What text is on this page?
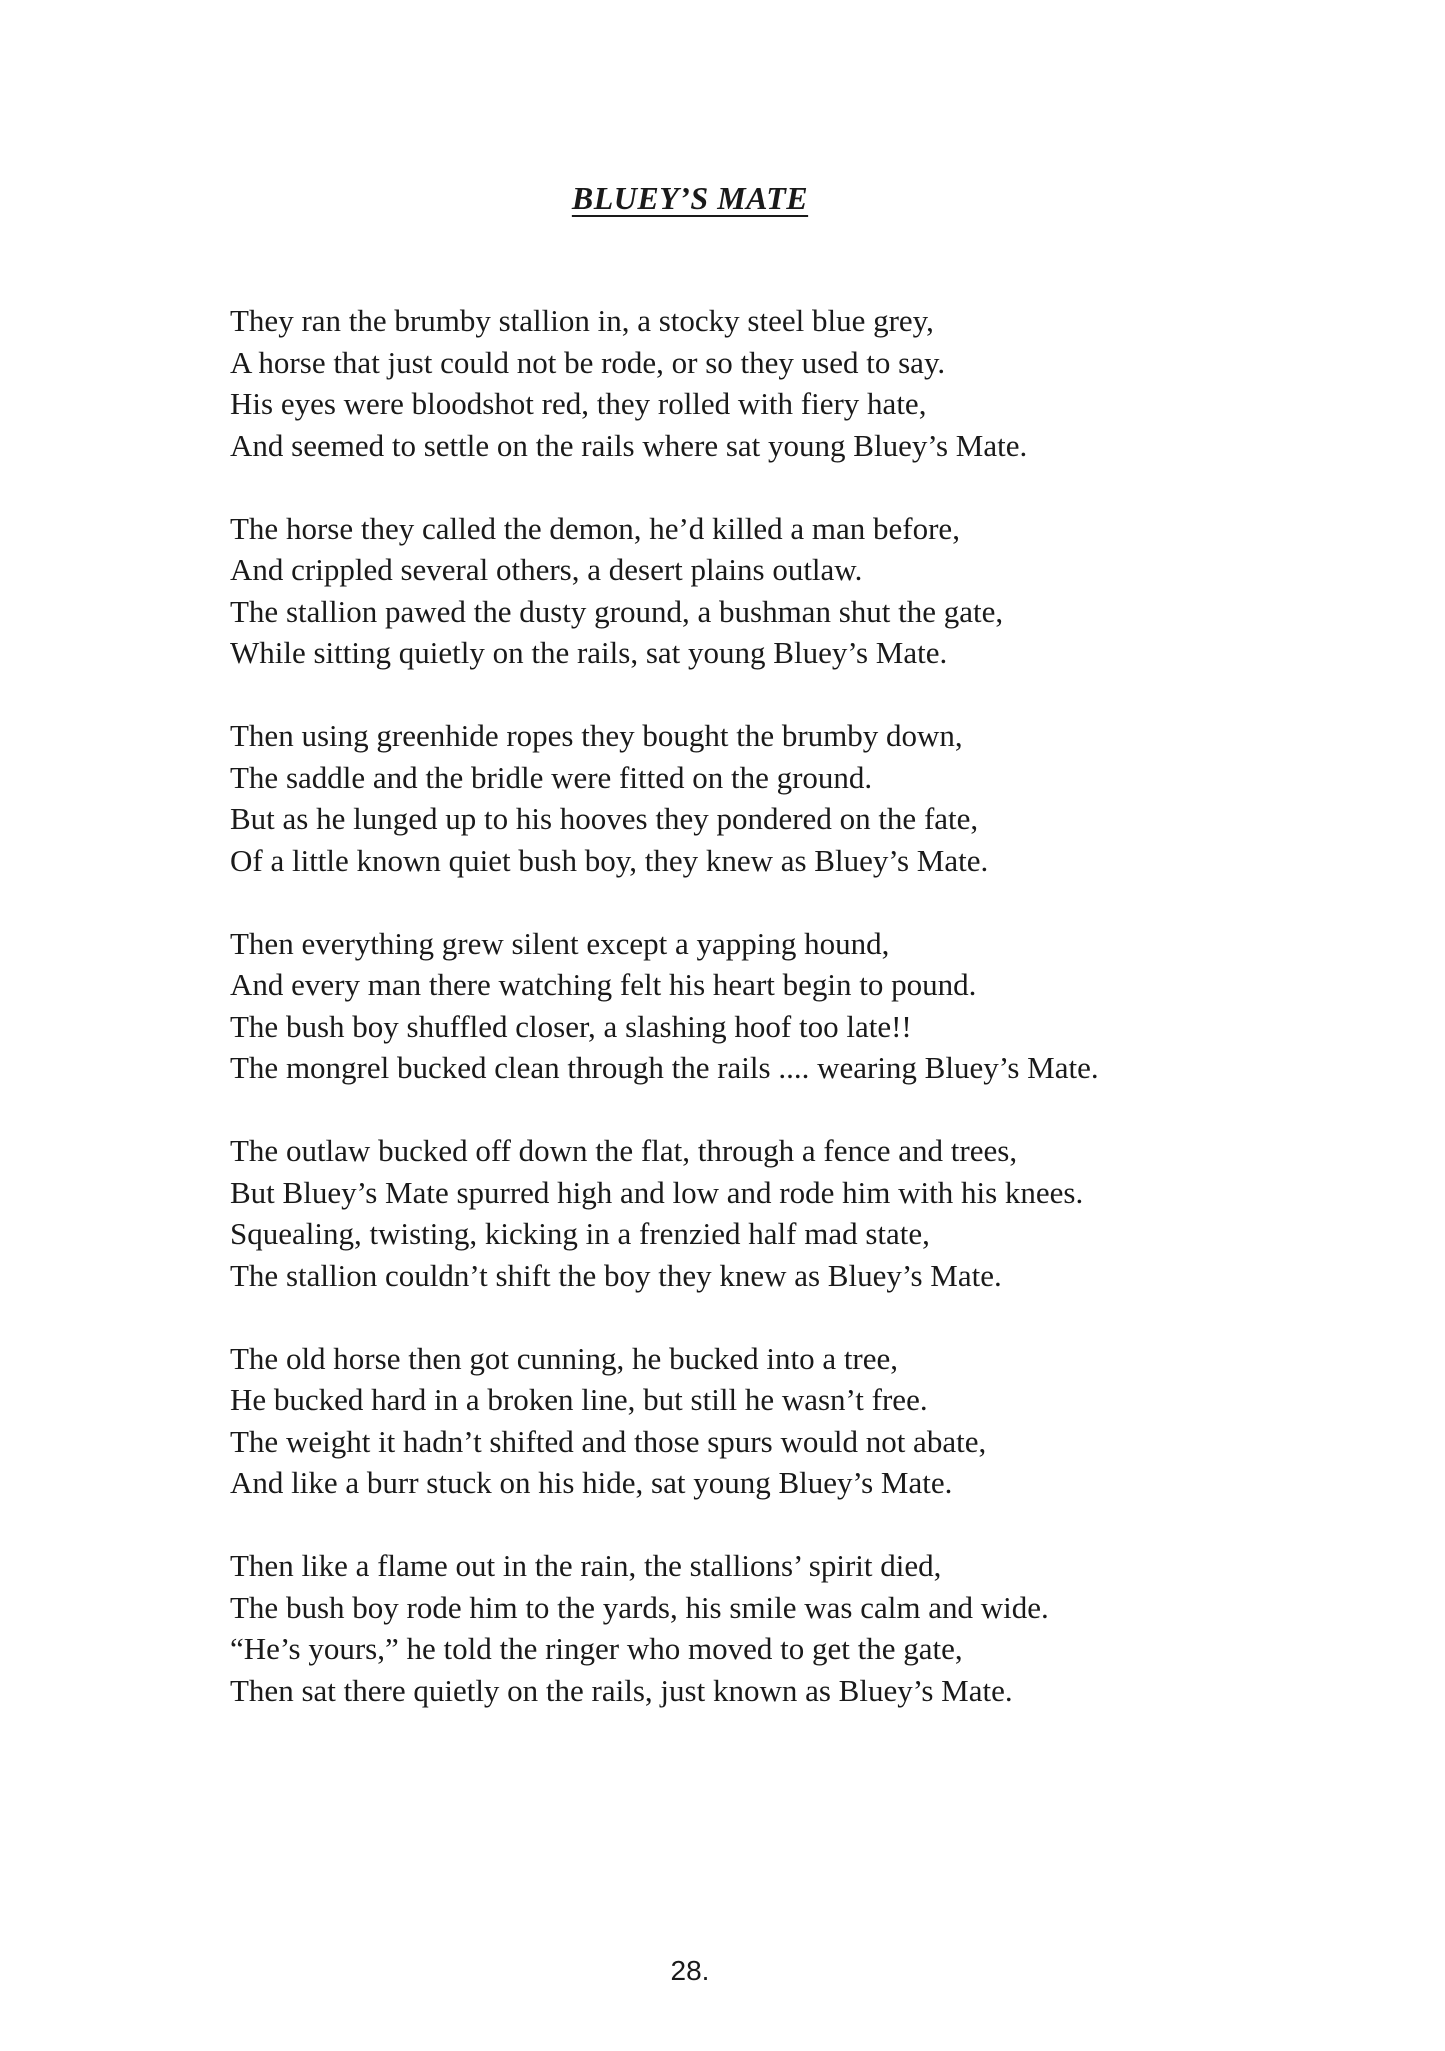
BLUEY’S MATE
They ran the brumby stallion in, a stocky steel blue grey,
A horse that just could not be rode, or so they used to say.
His eyes were bloodshot red, they rolled with fiery hate,
And seemed to settle on the rails where sat young Bluey’s Mate.
The horse they called the demon, he’d killed a man before,
And crippled several others, a desert plains outlaw.
The stallion pawed the dusty ground, a bushman shut the gate,
While sitting quietly on the rails, sat young Bluey’s Mate.
Then using greenhide ropes they bought the brumby down,
The saddle and the bridle were fitted on the ground.
But as he lunged up to his hooves they pondered on the fate,
Of a little known quiet bush boy, they knew as Bluey’s Mate.
Then everything grew silent except a yapping hound,
And every man there watching felt his heart begin to pound.
The bush boy shuffled closer, a slashing hoof too late!!
The mongrel bucked clean through the rails .... wearing Bluey’s Mate.
The outlaw bucked off down the flat, through a fence and trees,
But Bluey’s Mate spurred high and low and rode him with his knees.
Squealing, twisting, kicking in a frenzied half mad state,
The stallion couldn’t shift the boy they knew as Bluey’s Mate.
The old horse then got cunning, he bucked into a tree,
He bucked hard in a broken line, but still he wasn’t free.
The weight it hadn’t shifted and those spurs would not abate,
And like a burr stuck on his hide, sat young Bluey’s Mate.
Then like a flame out in the rain, the stallions’ spirit died,
The bush boy rode him to the yards, his smile was calm and wide.
“He’s yours,” he told the ringer who moved to get the gate,
Then sat there quietly on the rails, just known as Bluey’s Mate.
28.
